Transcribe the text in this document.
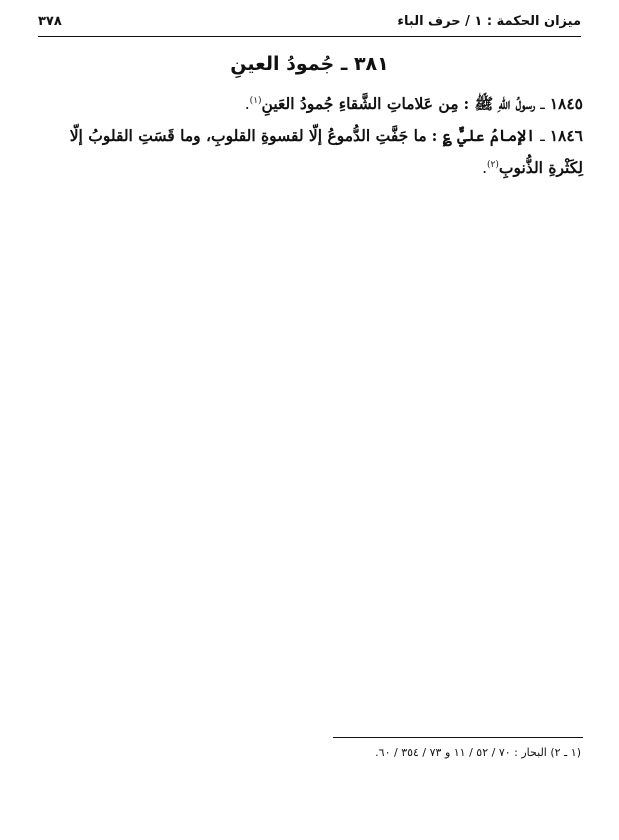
ميزان الحكمة : ١ / حرف الباء
٣٧٨
٣٨١ ـ جُمودُ العينِ

١٨٤٥ ـ رسولُ اللهِ ﷺ : مِن عَلاماتِ الشَّقاءِ جُمودُ العَينِ$^{(١)}$.

١٨٤٦ ـ الإمامُ عليٌّ ؏ : ما جَفَّتِ الدُّموعُ إلّا لقسوةِ القلوبِ، وما قَسَتِ القلوبُ إلّا لِكَثْرةِ الذُّنوبِ$^{(٢)}$.

(١ ـ ٢) البحار : ٧٠ / ٥٢ / ١١ و ٧٣ / ٣٥٤ / ٦٠.
